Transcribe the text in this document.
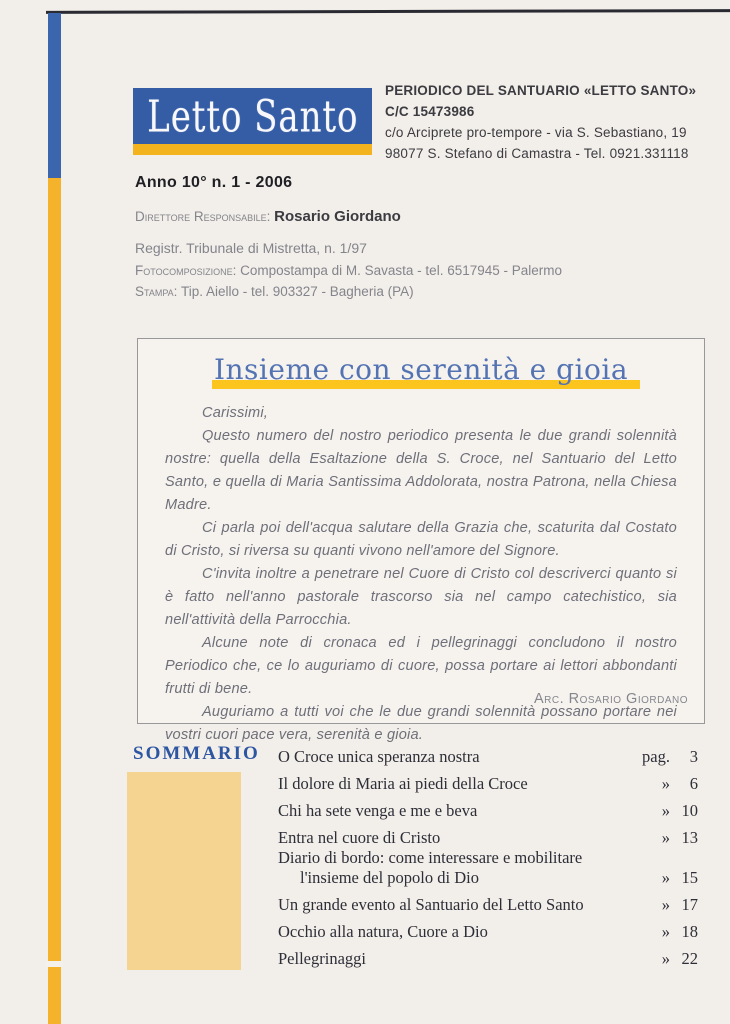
Letto Santo
PERIODICO DEL SANTUARIO «LETTO SANTO»
C/C 15473986
c/o Arciprete pro-tempore - via S. Sebastiano, 19
98077 S. Stefano di Camastra - Tel. 0921.331118
Anno 10° n. 1 - 2006
Direttore Responsabile: Rosario Giordano
Registr. Tribunale di Mistretta, n. 1/97
Fotocomposizione: Compostampa di M. Savasta - tel. 6517945 - Palermo
Stampa: Tip. Aiello - tel. 903327 - Bagheria (PA)
Insieme con serenità e gioia
Carissimi,

Questo numero del nostro periodico presenta le due grandi solennità nostre: quella della Esaltazione della S. Croce, nel Santuario del Letto Santo, e quella di Maria Santissima Addolorata, nostra Patrona, nella Chiesa Madre.

Ci parla poi dell'acqua salutare della Grazia che, scaturita dal Costato di Cristo, si riversa su quanti vivono nell'amore del Signore.

C'invita inoltre a penetrare nel Cuore di Cristo col descriverci quanto si è fatto nell'anno pastorale trascorso sia nel campo catechistico, sia nell'attività della Parrocchia.

Alcune note di cronaca ed i pellegrinaggi concludono il nostro Periodico che, ce lo auguriamo di cuore, possa portare ai lettori abbondanti frutti di bene.

Auguriamo a tutti voi che le due grandi solennità possano portare nei vostri cuori pace vera, serenità e gioia.

Arc. Rosario Giordano
SOMMARIO O Croce unica speranza nostra	pag.	3
Il dolore di Maria ai piedi della Croce	»	6
Chi ha sete venga e me e beva	» 10
Entra nel cuore di Cristo	» 13
Diario di bordo: come interessare e mobilitare
l'insieme del popolo di Dio	» 15
Un grande evento al Santuario del Letto Santo	» 17
Occhio alla natura, Cuore a Dio	» 18
Pellegrinaggi	» 22
